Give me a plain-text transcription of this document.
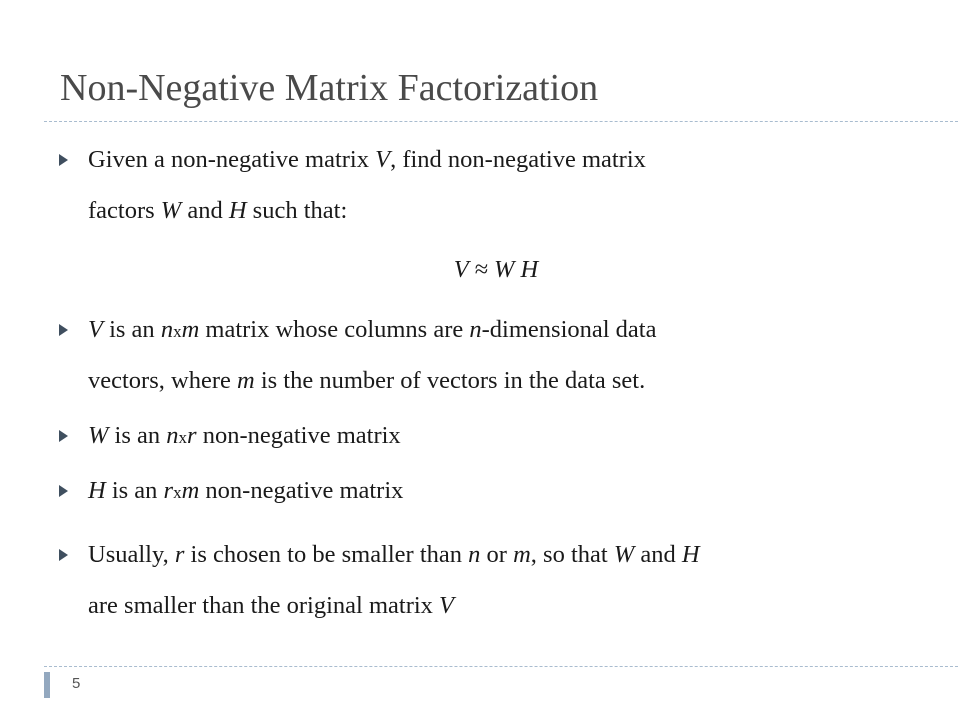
Non-Negative Matrix Factorization
Given a non-negative matrix V, find non-negative matrix
factors W and H such that:
V is an nxm matrix whose columns are n-dimensional data
vectors, where m is the number of vectors in the data set.
W is an nxr non-negative matrix
H is an rxm non-negative matrix
Usually, r is chosen to be smaller than n or m, so that W and H
are smaller than the original matrix V
V ≈ W H
5
